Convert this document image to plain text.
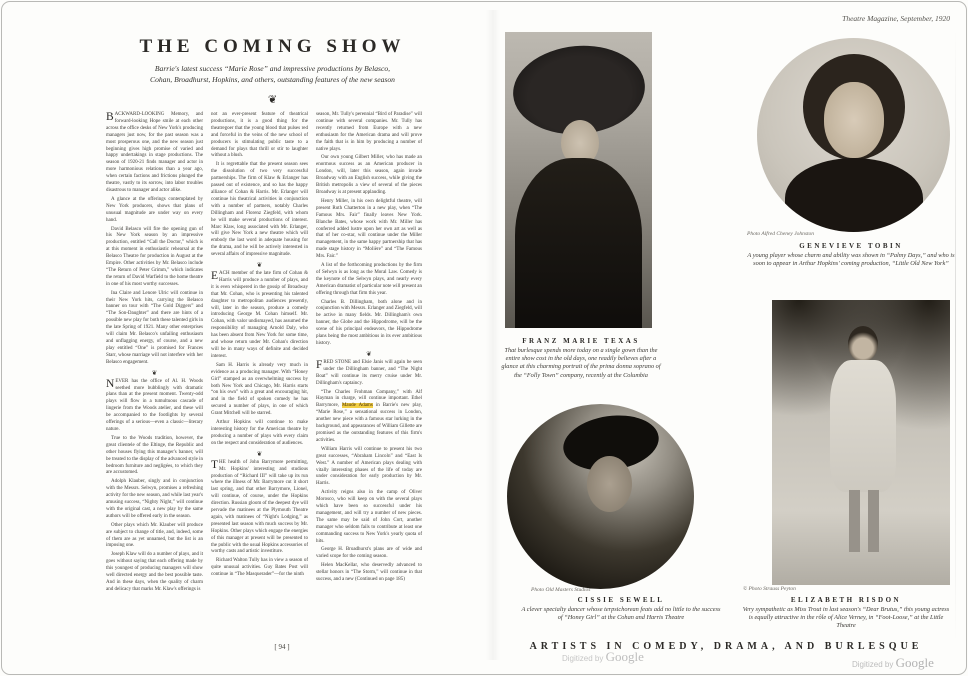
Theatre Magazine, September, 1920
THE COMING SHOW
Barrie's latest success “Marie Rose” and impressive productions by Belasco,
Cohan, Broadhurst, Hopkins, and others, outstanding features of the new season
❦

BACKWARD-LOOKING Memory, and forward-looking Hope smile at each other across the office desks of New York's producing managers just now, for the past season was a most prosperous one, and the new season just beginning gives high promise of varied and happy undertakings in stage productions. The season of 1920-21 finds manager and actor in more harmonious relations than a year ago, when certain factions and frictions plunged the theatre, vastly to its sorrow, into labor troubles disastrous to manager and actor alike.

A glance at the offerings contemplated by New York producers, shows that plans of unusual magnitude are under way on every hand.

David Belasco will fire the opening gun of his New York season by an impressive production, entitled “Call the Doctor,” which is at this moment in enthusiastic rehearsal at the Belasco Theatre for production in August at the Empire. Other activities by Mr. Belasco include “The Return of Peter Grimm,” which indicates the return of David Warfield to the home theatre in one of his most worthy successes.

Ina Claire and Lenore Ulric will continue in their New York hits, carrying the Belasco banner on tour with “The Gold Diggers” and “The Son-Daughter” and there are hints of a possible new play for both these talented girls in the late Spring of 1921. Many other enterprises will claim Mr. Belasco's unfailing enthusiasm and unflagging energy, of course, and a new play entitled “One” is promised for Frances Starr, whose marriage will not interfere with her Belasco engagement.

❦

NEVER has the office of Al. H. Woods seethed more bubblingly with dramatic plans than at the present moment. Twenty-odd plays will flow in a tumultuous cascade of lingerie from the Woods atelier, and these will be accompanied to the footlights by several offerings of a serious—even a classic—literary nature.

True to the Woods tradition, however, the great clientele of the Eltinge, the Republic and other houses flying this manager's banner, will be treated to the display of the advanced style in bedroom furniture and negligées, to which they are accustomed.

Adolph Klauber, singly and in conjunction with the Messrs. Selwyn, promises a refreshing activity for the new season, and while last year's amusing success, “Nighty Night,” will continue with the original cast, a new play by the same authors will be offered early in the season.

Other plays which Mr. Klauber will produce are subject to change of title, and, indeed, some of them are as yet unnamed, but the list is an imposing one.

Joseph Klaw will do a number of plays, and it goes without saying that each offering made by this youngest of producing managers will show well directed energy and the best possible taste. And in these days, when the quality of charm and delicacy that marks Mr. Klaw's offerings is

not an ever-present feature of theatrical productions, it is a good thing for the theatregoer that the young blood that pulses red and forceful in the veins of the new school of producers is stimulating public taste to a demand for plays that thrill or stir to laughter without a blush.

It is regrettable that the present season sees the dissolution of two very successful partnerships. The firm of Klaw & Erlanger has passed out of existence, and so has the happy alliance of Cohan & Harris. Mr. Erlanger will continue his theatrical activities in conjunction with a number of partners, notably Charles Dillingham and Florenz Ziegfeld, with whom he will make several productions of interest. Marc Klaw, long associated with Mr. Erlanger, will give New York a new theatre which will embody the last word in adequate housing for the drama, and he will be actively interested in several affairs of impressive magnitude.

❦

EACH member of the late firm of Cohan & Harris will produce a number of plays, and it is even whispered in the gossip of Broadway that Mr. Cohan, who is presenting his talented daughter to metropolitan audiences presently, will, later in the season, produce a comedy introducing George M. Cohan himself. Mr. Cohan, with valor undismayed, has assumed the responsibility of managing Arnold Daly, who has been absent from New York for some time, and whose return under Mr. Cohan's direction will be in many ways of definite and decided interest.

Sam H. Harris is already very much in evidence as a producing manager. With “Honey Girl” stamped as an overwhelming success by both New York and Chicago, Mr. Harris starts “on his own” with a great and encouraging hit, and in the field of spoken comedy he has secured a number of plays, in one of which Grant Mitchell will be starred.

Arthur Hopkins will continue to make interesting history for the American theatre by producing a number of plays with every claim on the respect and consideration of audiences.

❦

THE health of John Barrymore permitting, Mr. Hopkins' interesting and studious production of “Richard III” will take up its run where the illness of Mr. Barrymore cut it short last spring, and that other Barrymore, Lionel, will continue, of course, under the Hopkins direction. Russian gloom of the deepest dye will pervade the matinees at the Plymouth Theatre again, with matinees of “Night's Lodging,” as presented last season with much success by Mr. Hopkins. Other plays which engage the energies of this manager at present will be presented to the public with the usual Hopkins accessories of worthy casts and artistic investiture.

Richard Walton Tully has in view a season of quite unusual activities. Guy Bates Post will continue in “The Masquerader”—for the ninth

season, Mr. Tully's perennial “Bird of Paradise” will continue with several companies. Mr. Tully has recently returned from Europe with a new enthusiasm for the American drama and will prove the faith that is in him by producing a number of native plays.

Our own young Gilbert Miller, who has made an enormous success as an American producer in London, will, later this season, again invade Broadway with an English success, while giving the British metropolis a view of several of the pieces Broadway is at present applauding.

Henry Miller, in his own delightful theatre, will present Ruth Chatterton in a new play, when “The Famous Mrs. Fair” finally leaves New York. Blanche Bates, whose work with Mr. Miller has conferred added lustre upon her own art as well as that of her co-star, will continue under the Miller management, in the same happy partnership that has made stage history in “Molière” and “The Famous Mrs. Fair.”

A list of the forthcoming productions by the firm of Selwyn is as long as the Moral Law. Comedy is the keynote of the Selwyn plays, and nearly every American dramatist of particular note will present an offering through that firm this year.

Charles B. Dillingham, both alone and in conjunction with Messrs. Erlanger and Ziegfeld, will be active in many fields. Mr. Dillingham's own banner, the Globe and the Hippodrome, will be the scene of his principal endeavors, the Hippodrome plans being the most ambitious in its ever ambitious history.

❦

FRED STONE and Elsie Janis will again be seen under the Dillingham banner, and “The Night Boat” will continue its merry cruise under Mr. Dillingham's captaincy.

“The Charles Frohman Company,” with Alf Hayman in charge, will continue important. Ethel Barrymore, Maude Adams in Barrie's new play, “Marie Rose,” a sensational success in London, another new piece with a famous star lurking in the background, and appearances of William Gillette are promised as the outstanding features of this firm's activities.

William Harris will continue to present his two great successes, “Abraham Lincoln” and “East Is West.” A number of American plays dealing with vitally interesting phases of the life of today are under consideration for early production by Mr. Harris.

Activity reigns also in the camp of Oliver Morosco, who will keep on with the several plays which have been so successful under his management, and will try a number of new pieces. The same may be said of John Cort, another manager who seldom fails to contribute at least one commanding success to New York's yearly quota of hits.

George H. Broadhurst's plans are of wide and varied scope for the coming season.

Helen MacKellar, who deservedly advanced to stellar honors in “The Storm,” will continue in that success, and a new (Continued on page 185)

[ 94 ]
FRANZ MARIE TEXAS
That burlesque spends more today on a single gown than the entire show cost in the old days, one readily believes after a glance at this charming portrait of the prima donna soprano of the “Folly Town” company, recently at the Columbia
Photo Alfred Cheney Johnston
GENEVIEVE TOBIN
A young player whose charm and ability was shown in “Palmy Days,” and who is soon to appear in Arthur Hopkins' coming production, “Little Old New York”
Photo Old Masters Studios
CISSIE SEWELL
A clever specialty dancer whose terpsichorean feats add no little to the success of “Honey Girl” at the Cohan and Harris Theatre
© Photo Strauss Peyton
ELIZABETH RISDON
Very sympathetic as Miss Trout in last season's “Dear Brutus,” this young actress is equally attractive in the rôle of Alice Verney, in “Foot-Loose,” at the Little Theatre
ARTISTS IN COMEDY, DRAMA, AND BURLESQUE
Digitized by Google
Digitized by Google
